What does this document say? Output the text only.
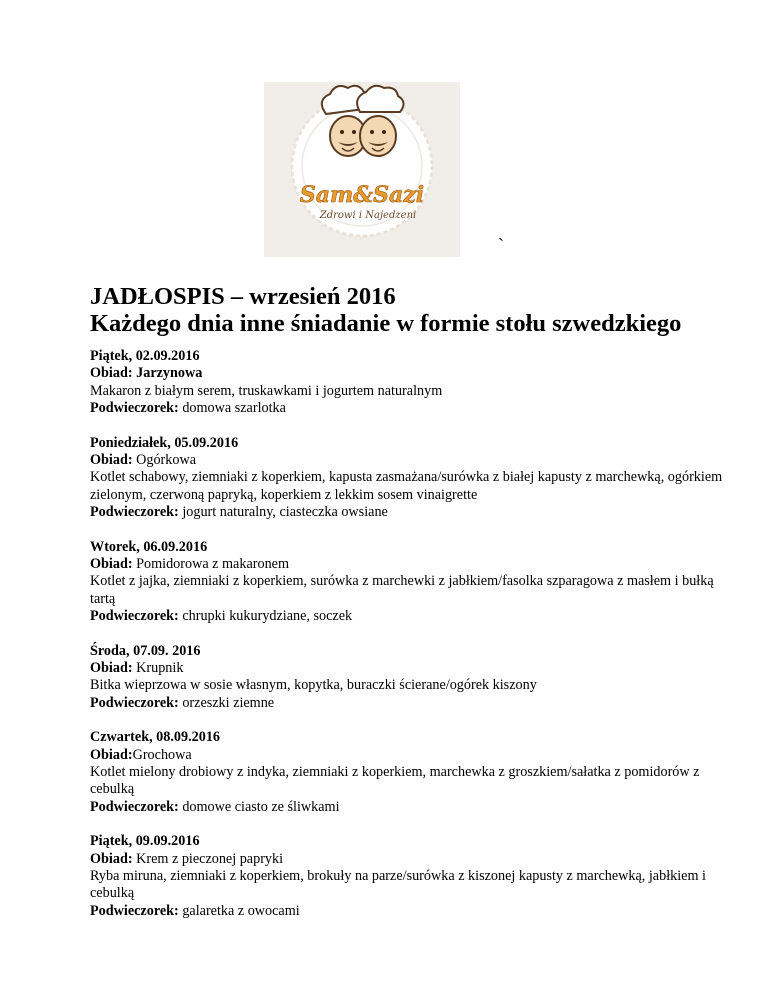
Sam&Sazi
Zdrowi i Najedzeni
`
JADŁOSPIS – wrzesień 2016
Każdego dnia inne śniadanie w formie stołu szwedzkiego
Piątek, 02.09.2016
Obiad: Jarzynowa
Makaron z białym serem, truskawkami i jogurtem naturalnym
Podwieczorek: domowa szarlotka
Poniedziałek, 05.09.2016
Obiad: Ogórkowa
Kotlet schabowy, ziemniaki z koperkiem, kapusta zasmażana/surówka z białej kapusty z marchewką, ogórkiem zielonym, czerwoną papryką, koperkiem z lekkim sosem vinaigrette
Podwieczorek: jogurt naturalny, ciasteczka owsiane
Wtorek, 06.09.2016
Obiad: Pomidorowa z makaronem
Kotlet z jajka, ziemniaki z koperkiem, surówka z marchewki z jabłkiem/fasolka szparagowa z masłem i bułką tartą
Podwieczorek: chrupki kukurydziane, soczek
Środa, 07.09. 2016
Obiad: Krupnik
Bitka wieprzowa w sosie własnym, kopytka, buraczki ścierane/ogórek kiszony
Podwieczorek: orzeszki ziemne
Czwartek, 08.09.2016
Obiad:Grochowa
Kotlet mielony drobiowy z indyka, ziemniaki z koperkiem, marchewka z groszkiem/sałatka z pomidorów z cebulką
Podwieczorek: domowe ciasto ze śliwkami
Piątek, 09.09.2016
Obiad: Krem z pieczonej papryki
Ryba miruna, ziemniaki z koperkiem, brokuły na parze/surówka z kiszonej kapusty z marchewką, jabłkiem i cebulką
Podwieczorek: galaretka z owocami
